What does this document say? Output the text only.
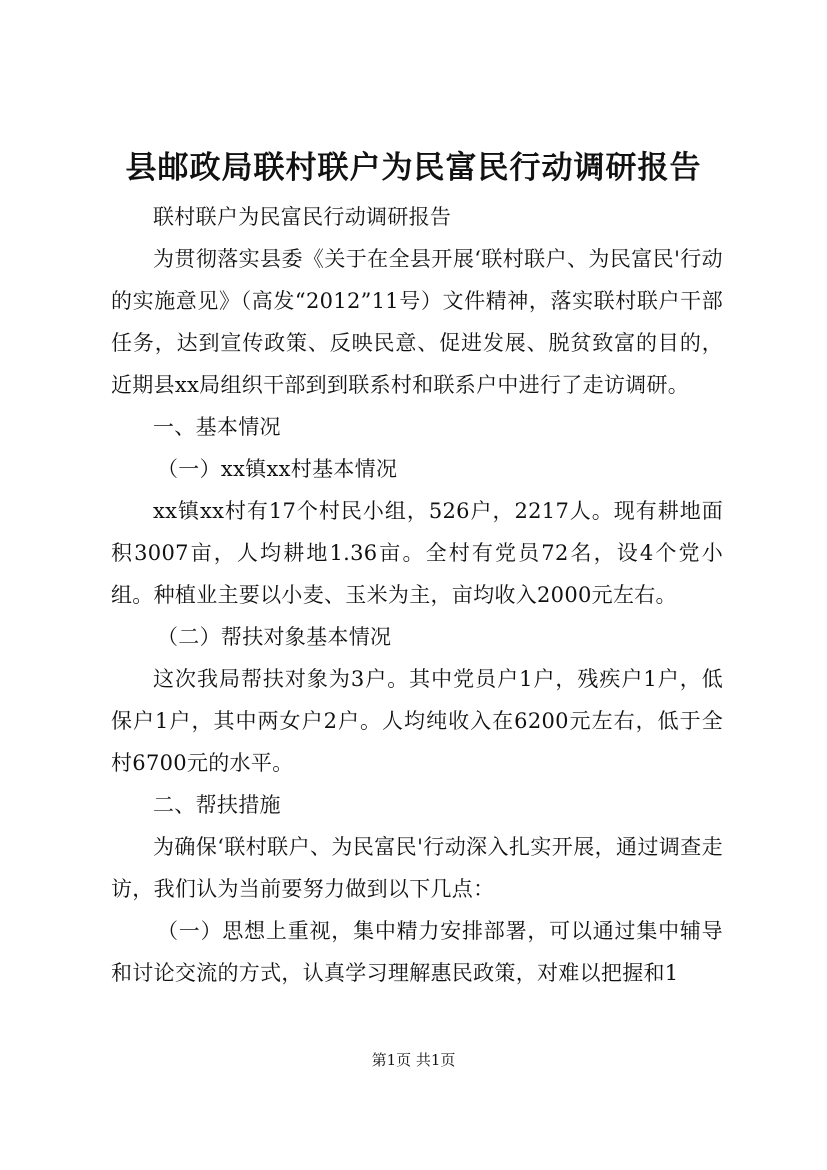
县邮政局联村联户为民富民行动调研报告

联村联户为民富民行动调研报告

为贯彻落实县委《关于在全县开展‘联村联户、为民富民'行动的实施意见》（高发“2012”11号）文件精神，落实联村联户干部任务，达到宣传政策、反映民意、促进发展、脱贫致富的目的，近期县xx局组织干部到到联系村和联系户中进行了走访调研。

一、基本情况

（一）xx镇xx村基本情况

xx镇xx村有17个村民小组，526户，2217人。现有耕地面积3007亩，人均耕地1.36亩。全村有党员72名，设4个党小组。种植业主要以小麦、玉米为主，亩均收入2000元左右。

（二）帮扶对象基本情况

这次我局帮扶对象为3户。其中党员户1户，残疾户1户，低保户1户，其中两女户2户。人均纯收入在6200元左右，低于全村6700元的水平。

二、帮扶措施

为确保‘联村联户、为民富民'行动深入扎实开展，通过调查走访，我们认为当前要努力做到以下几点：

（一）思想上重视，集中精力安排部署，可以通过集中辅导和讨论交流的方式，认真学习理解惠民政策，对难以把握和1

第1页 共1页
